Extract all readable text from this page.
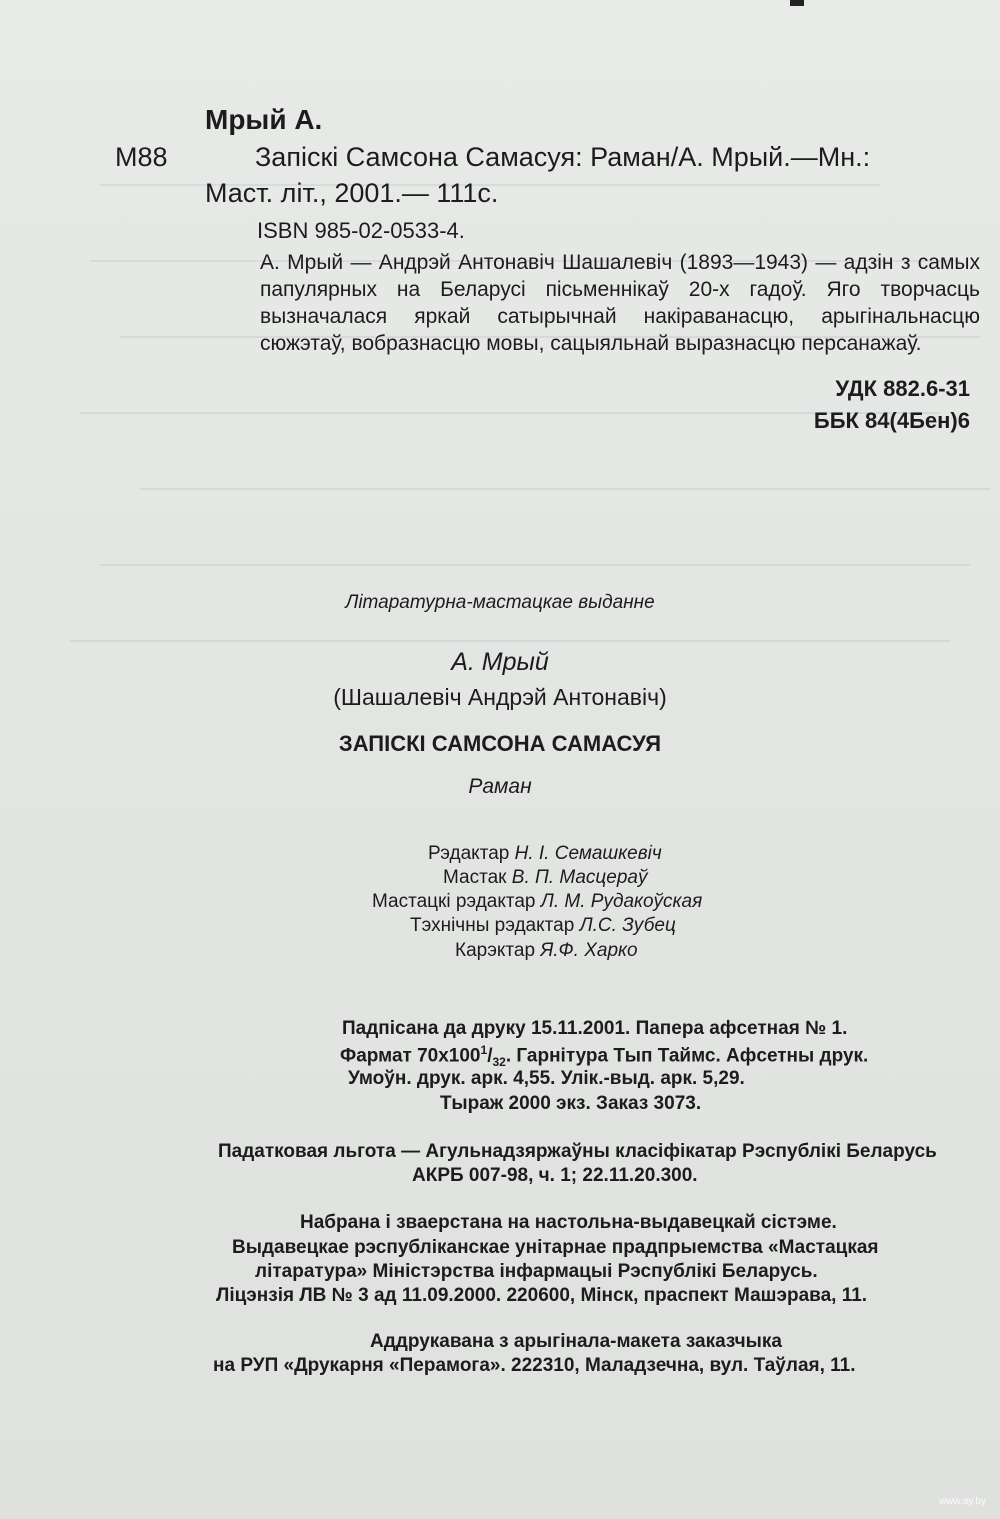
Мрый А.
М88	Запіскі Самсона Самасуя: Раман/А. Мрый.—Мн.:
Маст. літ., 2001.— 111с.
ISBN 985-02-0533-4.
А. Мрый — Андрэй Антонавіч Шашалевіч (1893—1943) — адзін з самых папулярных на Беларусі пісьменнікаў 20-х гадоў. Яго творчасць вызначалася яркай сатырычнай накіраванасцю, арыгінальнасцю сюжэтаў, вобразнасцю мовы, сацыяльнай выразнасцю персанажаў.
УДК 882.6-31
ББК 84(4Бен)6
Літаратурна-мастацкае выданне
А. Мрый
(Шашалевіч Андрэй Антонавіч)
ЗАПІСКІ САМСОНА САМАСУЯ
Раман
Рэдактар Н. І. Семашкевіч
Мастак В. П. Масцераў
Мастацкі рэдактар Л. М. Рудакоўская
Тэхнічны рэдактар Л.С. Зубец
Карэктар Я.Ф. Харко
Падпісана да друку 15.11.2001. Папера афсетная № 1.
Фармат $70х100^1/_{32}$. Гарнітура Тып Таймс. Афсетны друк.
Умоўн. друк. арк. 4,55. Улік.-выд. арк. 5,29.
Тыраж 2000 экз. Заказ 3073.
Падатковая льгота — Агульнадзяржаўны класіфікатар Рэспублікі Беларусь
АКРБ 007-98, ч. 1; 22.11.20.300.
Набрана і зваерстана на настольна-выдавецкай сістэме.
Выдавецкае рэспубліканскае унітарнае прадпрыемства «Мастацкая
літаратура» Міністэрства інфармацыі Рэспублікі Беларусь.
Ліцэнзія ЛВ № 3 ад 11.09.2000. 220600, Мінск, праспект Машэрава, 11.
Аддрукавана з арыгінала-макета заказчыка
на РУП «Друкарня «Перамога». 222310, Маладзечна, вул. Таўлая, 11.
www.ay.by
